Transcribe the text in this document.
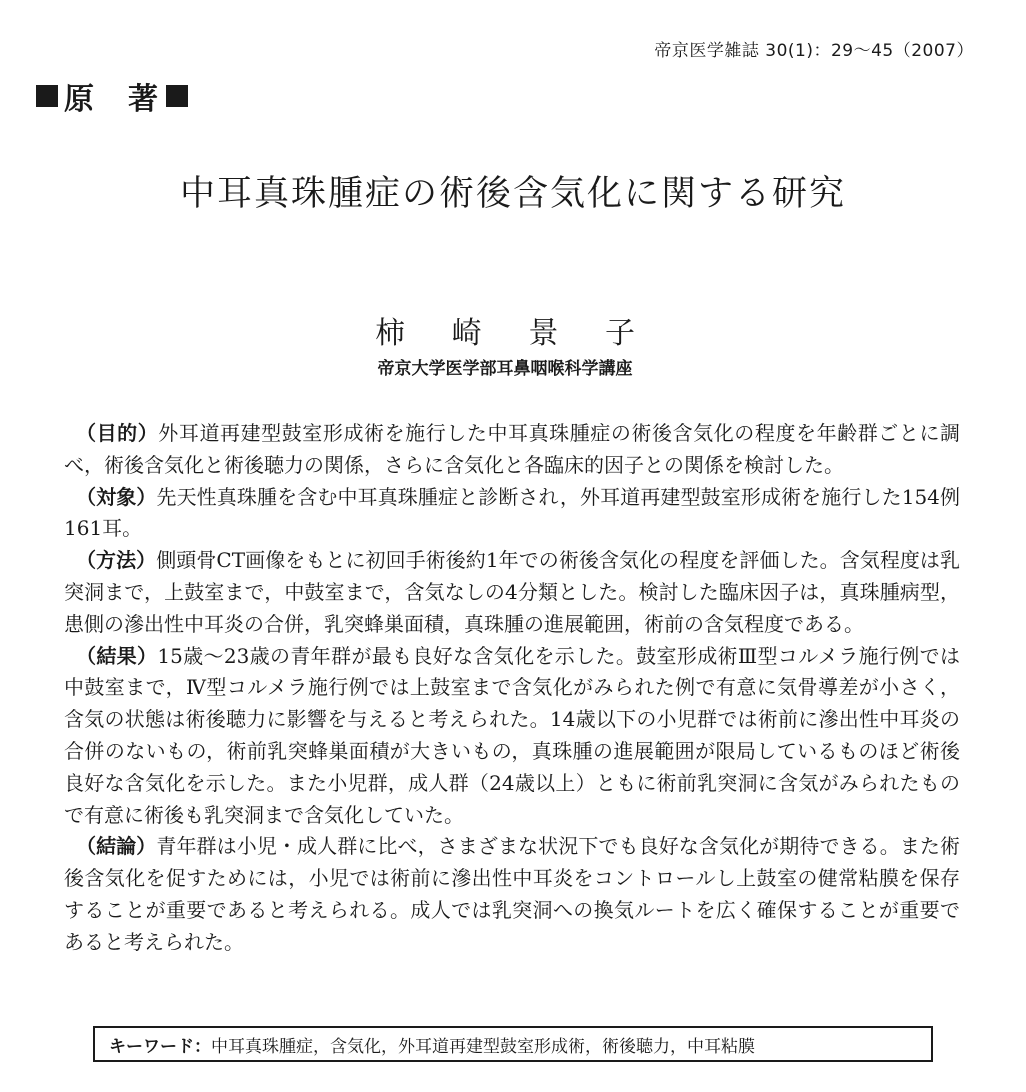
帝京医学雑誌 30(1)：29～45（2007）
原　著
中耳真珠腫症の術後含気化に関する研究
柿 崎 景 子
帝京大学医学部耳鼻咽喉科学講座

（目的）外耳道再建型鼓室形成術を施行した中耳真珠腫症の術後含気化の程度を年齢群ごとに調べ，術後含気化と術後聴力の関係，さらに含気化と各臨床的因子との関係を検討した。

（対象）先天性真珠腫を含む中耳真珠腫症と診断され，外耳道再建型鼓室形成術を施行した154例161耳。

（方法）側頭骨CT画像をもとに初回手術後約1年での術後含気化の程度を評価した。含気程度は乳突洞まで，上鼓室まで，中鼓室まで，含気なしの4分類とした。検討した臨床因子は，真珠腫病型，患側の滲出性中耳炎の合併，乳突蜂巣面積，真珠腫の進展範囲，術前の含気程度である。

（結果）15歳～23歳の青年群が最も良好な含気化を示した。鼓室形成術Ⅲ型コルメラ施行例では中鼓室まで，Ⅳ型コルメラ施行例では上鼓室まで含気化がみられた例で有意に気骨導差が小さく，含気の状態は術後聴力に影響を与えると考えられた。14歳以下の小児群では術前に滲出性中耳炎の合併のないもの，術前乳突蜂巣面積が大きいもの，真珠腫の進展範囲が限局しているものほど術後良好な含気化を示した。また小児群，成人群（24歳以上）ともに術前乳突洞に含気がみられたもので有意に術後も乳突洞まで含気化していた。

（結論）青年群は小児・成人群に比べ，さまざまな状況下でも良好な含気化が期待できる。また術後含気化を促すためには，小児では術前に滲出性中耳炎をコントロールし上鼓室の健常粘膜を保存することが重要であると考えられる。成人では乳突洞への換気ルートを広く確保することが重要であると考えられた。

キーワード： 中耳真珠腫症，含気化，外耳道再建型鼓室形成術，術後聴力，中耳粘膜
